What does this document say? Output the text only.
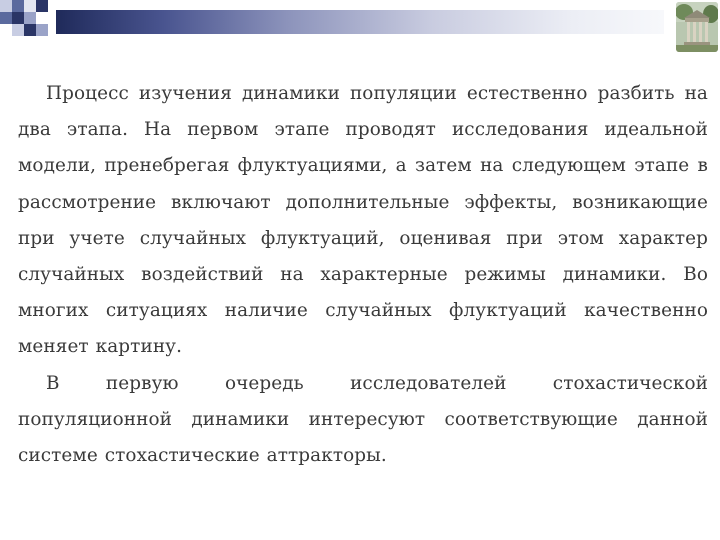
Процесс изучения динамики популяции естественно разбить на два этапа. На первом этапе проводят исследования идеальной модели, пренебрегая флуктуациями, а затем на следующем этапе в рассмотрение включают дополнительные эффекты, возникающие при учете случайных флуктуаций, оценивая при этом характер случайных воздействий на характерные режимы динамики. Во многих ситуациях наличие случайных флуктуаций качественно меняет картину.

В первую очередь исследователей стохастической популяционной динамики интересуют соответствующие данной системе стохастические аттракторы.
